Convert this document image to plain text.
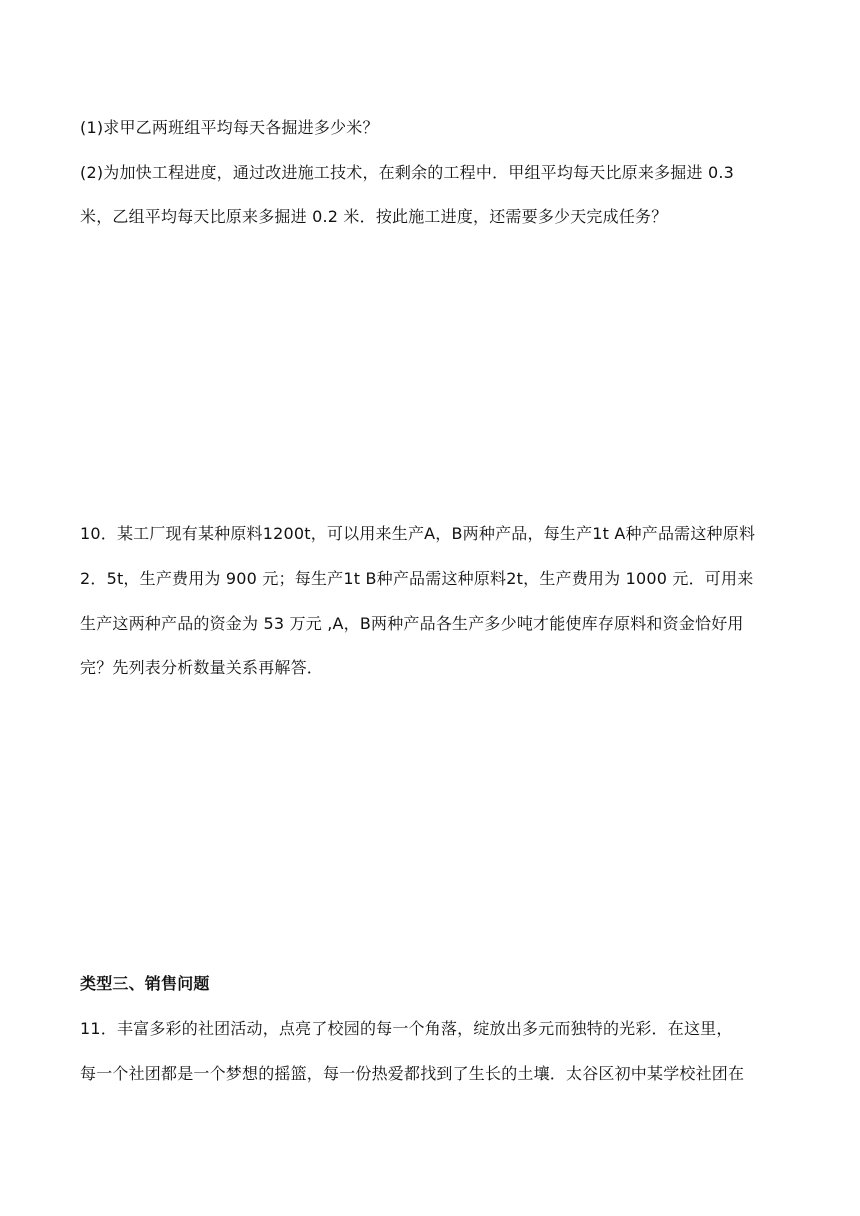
(1)求甲乙两班组平均每天各掘进多少米？
(2)为加快工程进度，通过改进施工技术，在剩余的工程中．甲组平均每天比原来多掘进 0.3
米，乙组平均每天比原来多掘进 0.2 米．按此施工进度，还需要多少天完成任务？
10．某工厂现有某种原料1200t，可以用来生产A，B两种产品，每生产1t A种产品需这种原料
2．5t，生产费用为 900 元；每生产1t B种产品需这种原料2t，生产费用为 1000 元．可用来
生产这两种产品的资金为 53 万元 ,A，B两种产品各生产多少吨才能使库存原料和资金恰好用
完？先列表分析数量关系再解答．
类型三、销售问题
11．丰富多彩的社团活动，点亮了校园的每一个角落，绽放出多元而独特的光彩．在这里，
每一个社团都是一个梦想的摇篮，每一份热爱都找到了生长的土壤．太谷区初中某学校社团在
